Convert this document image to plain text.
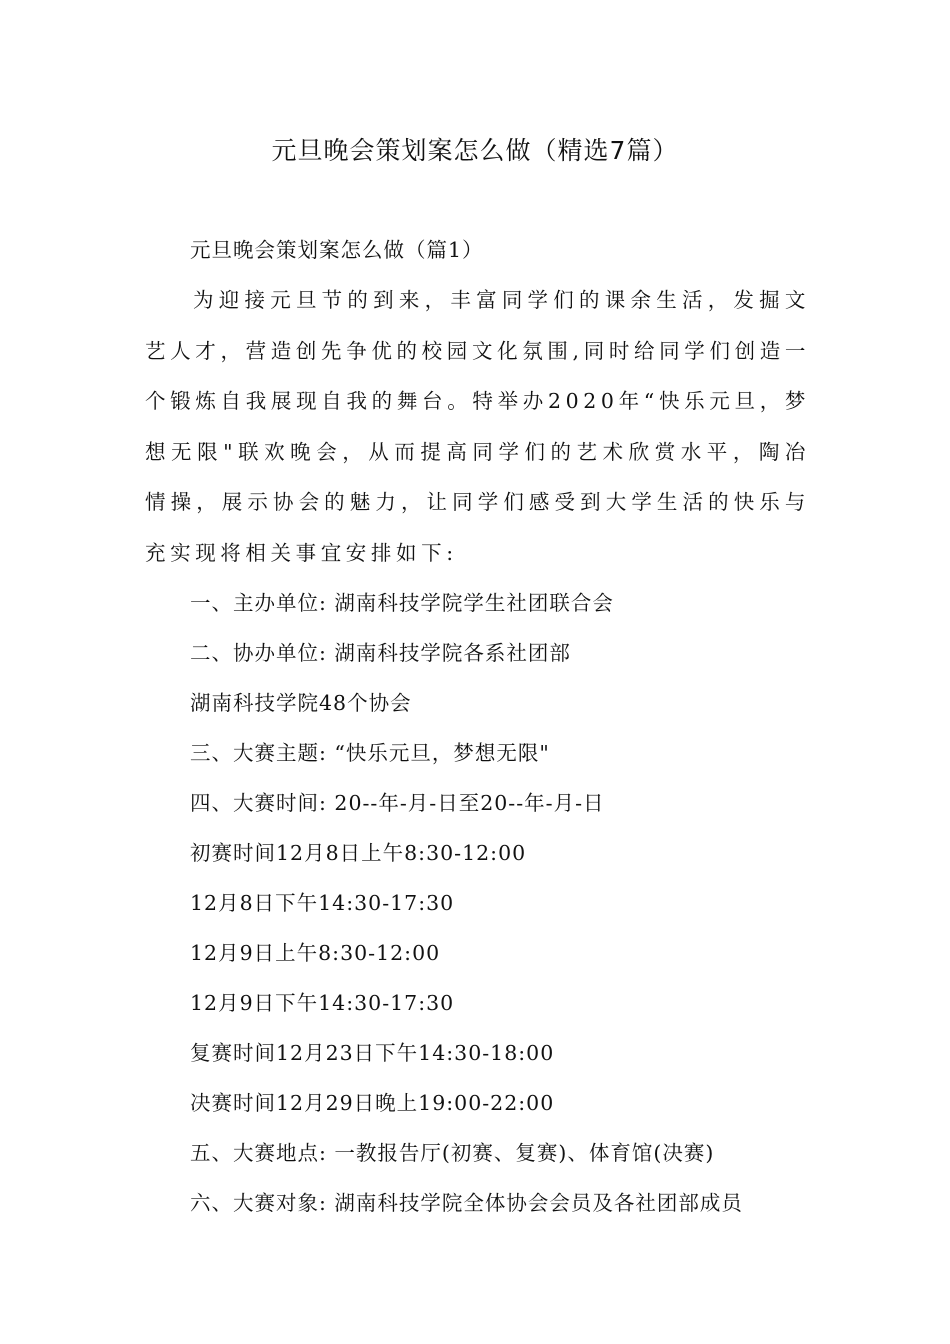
元旦晚会策划案怎么做（精选7篇）
元旦晚会策划案怎么做（篇1）

为迎接元旦节的到来，丰富同学们的课余生活，发掘文艺人才，营造创先争优的校园文化氛围,同时给同学们创造一个锻炼自我展现自我的舞台。特举办2020年“快乐元旦，梦想无限"联欢晚会，从而提高同学们的艺术欣赏水平，陶冶情操，展示协会的魅力，让同学们感受到大学生活的快乐与充实现将相关事宜安排如下:

一、主办单位: 湖南科技学院学生社团联合会
二、协办单位: 湖南科技学院各系社团部
湖南科技学院48个协会
三、大赛主题: “快乐元旦，梦想无限"
四、大赛时间: 20--年-月-日至20--年-月-日
初赛时间12月8日上午8:30-12:00
12月8日下午14:30-17:30
12月9日上午8:30-12:00
12月9日下午14:30-17:30
复赛时间12月23日下午14:30-18:00
决赛时间12月29日晚上19:00-22:00
五、大赛地点: 一教报告厅(初赛、复赛)、体育馆(决赛)
六、大赛对象: 湖南科技学院全体协会会员及各社团部成员
